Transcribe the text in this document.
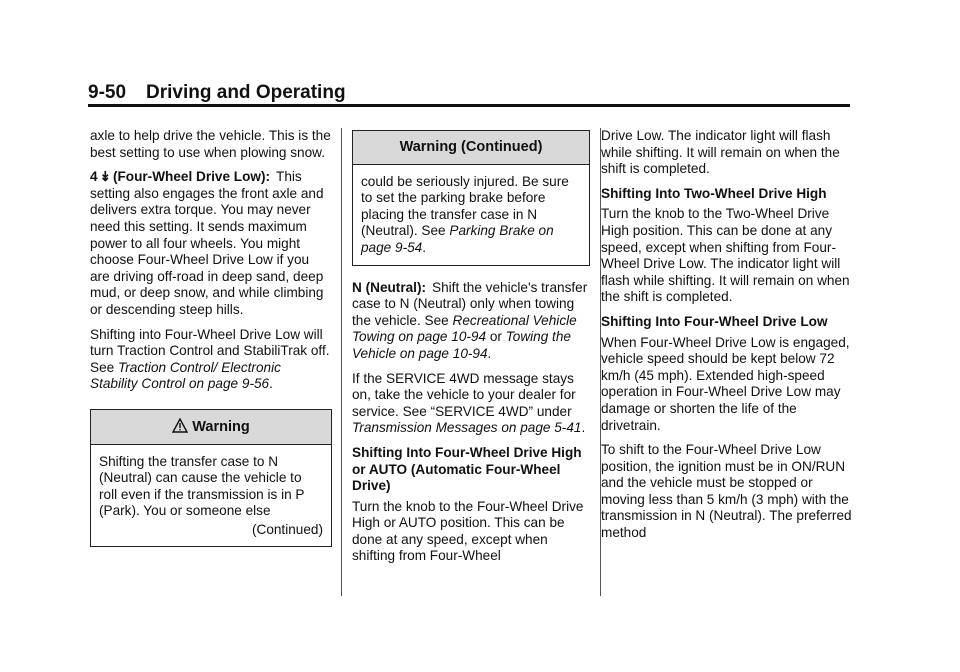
9-50 Driving and Operating

axle to help drive the vehicle. This is the best setting to use when plowing snow.

4 ↡ (Four-Wheel Drive Low): This setting also engages the front axle and delivers extra torque. You may never need this setting. It sends maximum power to all four wheels. You might choose Four-Wheel Drive Low if you are driving off-road in deep sand, deep mud, or deep snow, and while climbing or descending steep hills.

Shifting into Four-Wheel Drive Low will turn Traction Control and StabiliTrak off. See Traction Control/ Electronic Stability Control on page 9-56.

Warning
Shifting the transfer case to N (Neutral) can cause the vehicle to roll even if the transmission is in P (Park). You or someone else
(Continued)
Warning (Continued)
could be seriously injured. Be sure to set the parking brake before placing the transfer case in N (Neutral). See Parking Brake on page 9-54.

N (Neutral): Shift the vehicle's transfer case to N (Neutral) only when towing the vehicle. See Recreational Vehicle Towing on page 10-94 or Towing the Vehicle on page 10-94.

If the SERVICE 4WD message stays on, take the vehicle to your dealer for service. See “SERVICE 4WD” under Transmission Messages on page 5-41.

Shifting Into Four-Wheel Drive High or AUTO (Automatic Four-Wheel Drive)

Turn the knob to the Four-Wheel Drive High or AUTO position. This can be done at any speed, except when shifting from Four-Wheel

Drive Low. The indicator light will flash while shifting. It will remain on when the shift is completed.

Shifting Into Two-Wheel Drive High

Turn the knob to the Two-Wheel Drive High position. This can be done at any speed, except when shifting from Four-Wheel Drive Low. The indicator light will flash while shifting. It will remain on when the shift is completed.

Shifting Into Four-Wheel Drive Low

When Four-Wheel Drive Low is engaged, vehicle speed should be kept below 72 km/h (45 mph). Extended high-speed operation in Four-Wheel Drive Low may damage or shorten the life of the drivetrain.

To shift to the Four-Wheel Drive Low position, the ignition must be in ON/RUN and the vehicle must be stopped or moving less than 5 km/h (3 mph) with the transmission in N (Neutral). The preferred method
